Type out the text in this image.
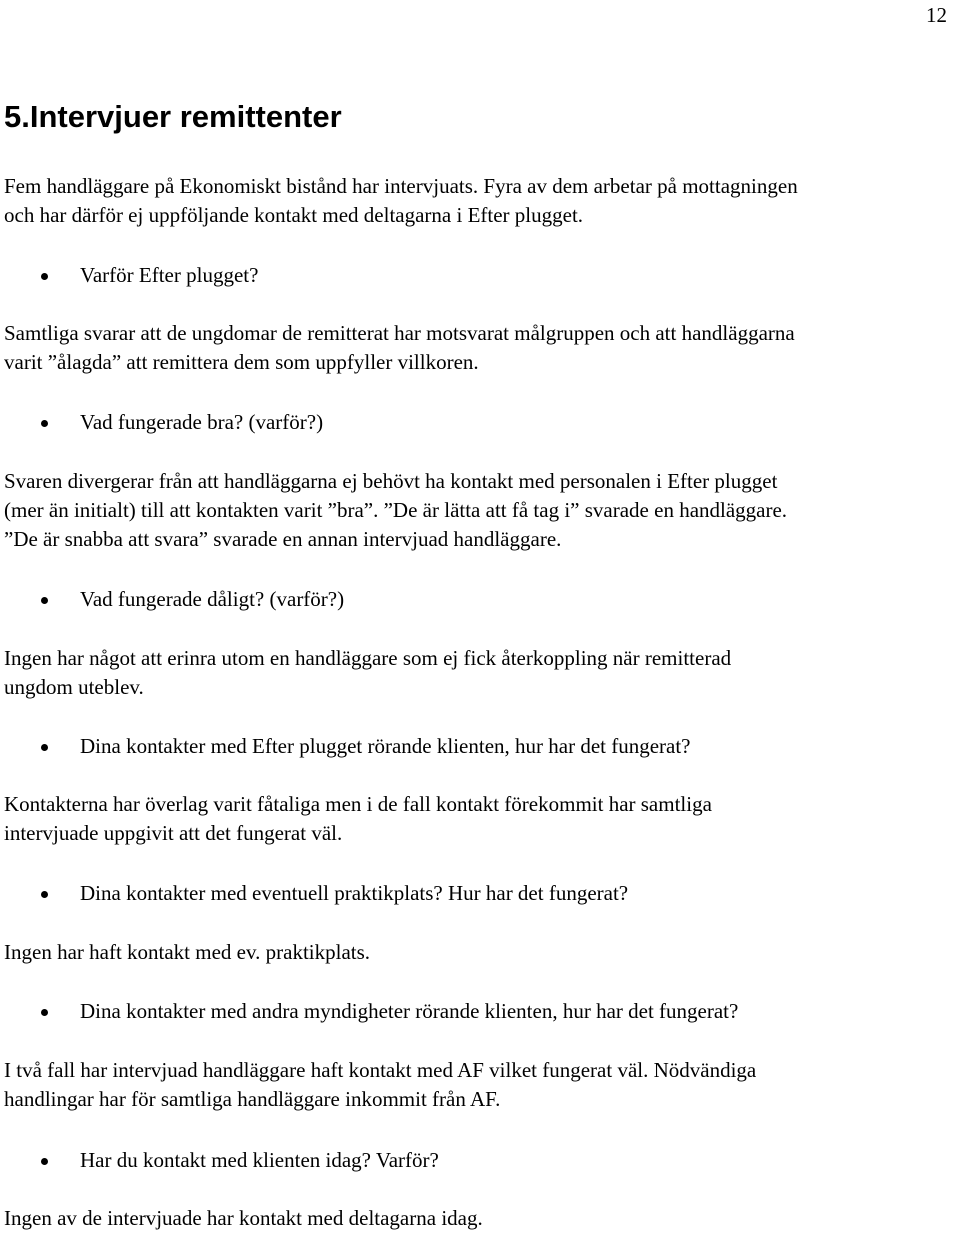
12
5.Intervjuer remittenter

Fem handläggare på Ekonomiskt bistånd har intervjuats. Fyra av dem arbetar på mottagningen
och har därför ej uppföljande kontakt med deltagarna i Efter plugget.

Varför Efter plugget?

Samtliga svarar att de ungdomar de remitterat har motsvarat målgruppen och att handläggarna
varit ”ålagda” att remittera dem som uppfyller villkoren.

Vad fungerade bra? (varför?)

Svaren divergerar från att handläggarna ej behövt ha kontakt med personalen i Efter plugget
(mer än initialt) till att kontakten varit ”bra”. ”De är lätta att få tag i” svarade en handläggare.
”De är snabba att svara” svarade en annan intervjuad handläggare.

Vad fungerade dåligt? (varför?)

Ingen har något att erinra utom en handläggare som ej fick återkoppling när remitterad
ungdom uteblev.

Dina kontakter med Efter plugget rörande klienten, hur har det fungerat?

Kontakterna har överlag varit fåtaliga men i de fall kontakt förekommit har samtliga
intervjuade uppgivit att det fungerat väl.

Dina kontakter med eventuell praktikplats? Hur har det fungerat?

Ingen har haft kontakt med ev. praktikplats.

Dina kontakter med andra myndigheter rörande klienten, hur har det fungerat?

I två fall har intervjuad handläggare haft kontakt med AF vilket fungerat väl. Nödvändiga
handlingar har för samtliga handläggare inkommit från AF.

Har du kontakt med klienten idag? Varför?

Ingen av de intervjuade har kontakt med deltagarna idag.
